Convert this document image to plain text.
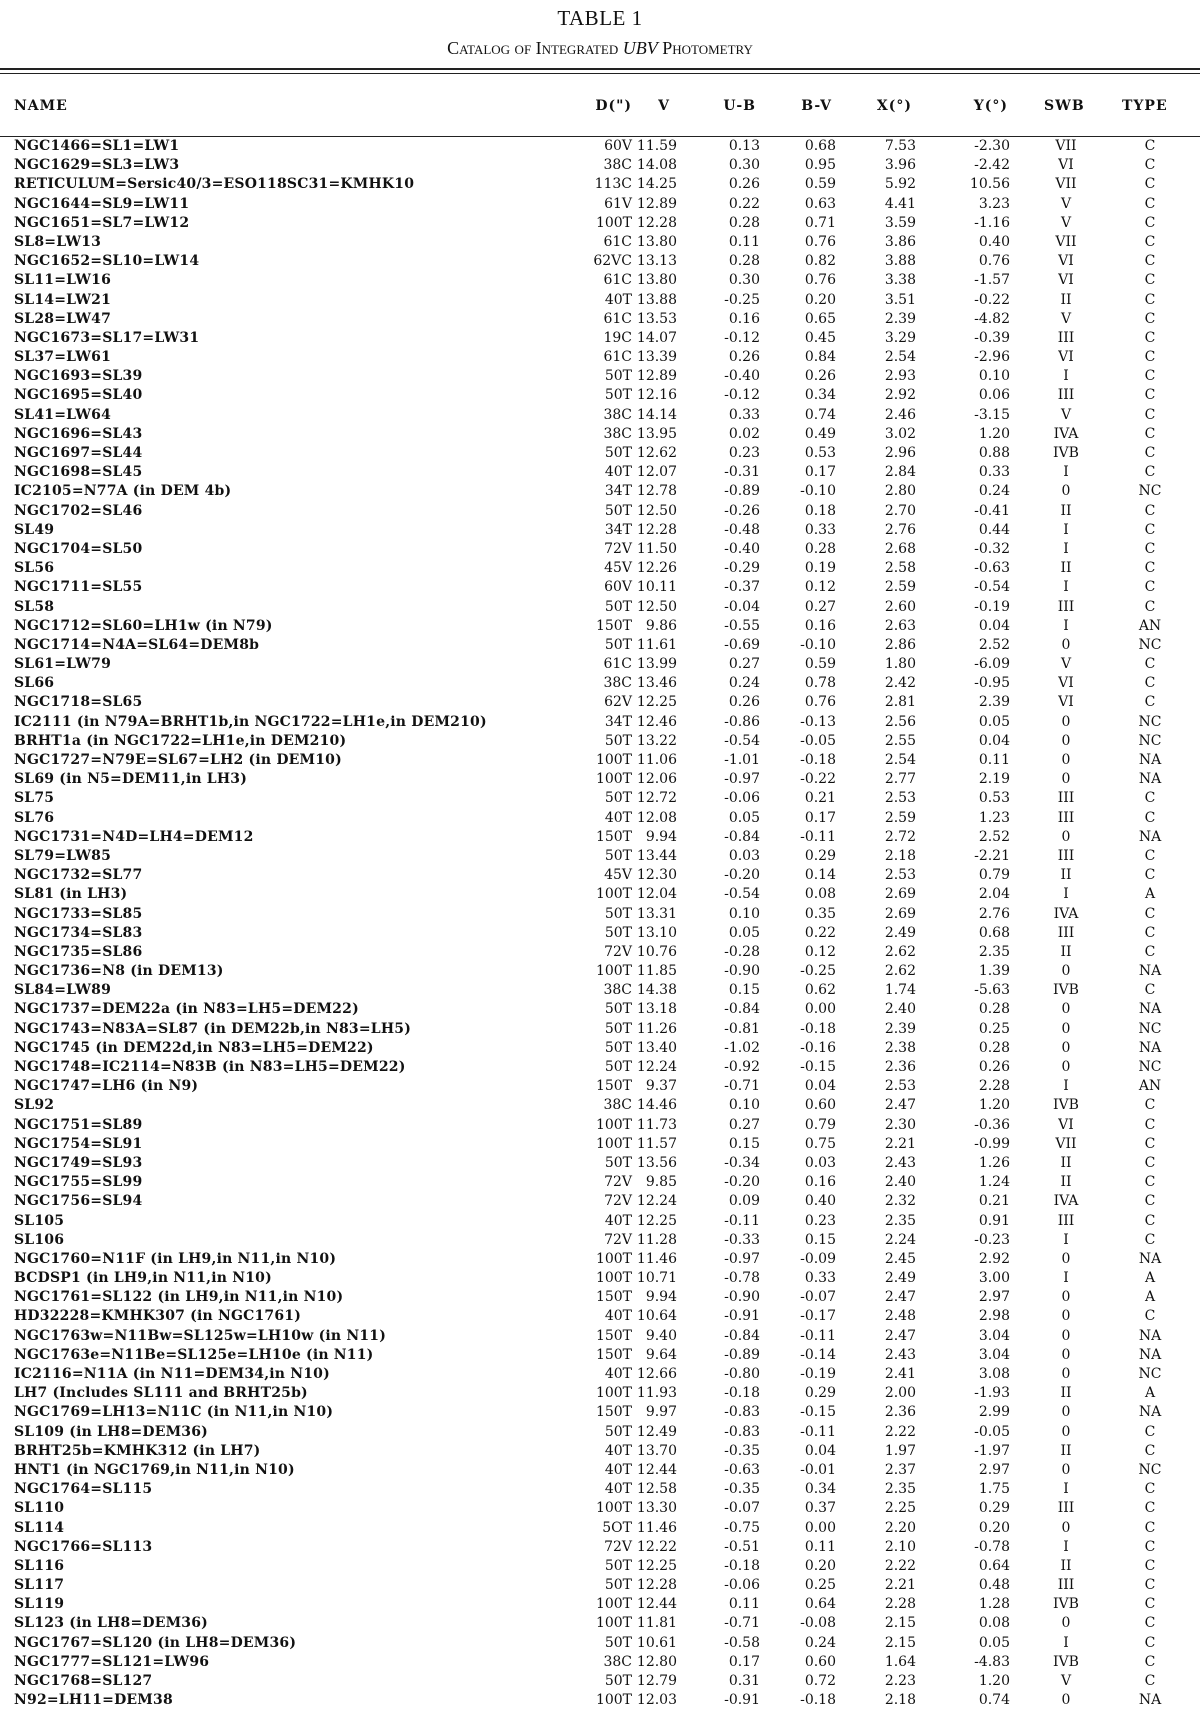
TABLE 1
Catalog of Integrated UBV Photometry
NAME	D(") V	U-B	B-V	X(°)	Y(°)	SWB	TYPE
NGC1466=SL1=LW1	60V 11.59	0.13	0.68	7.53	-2.30	VII	C
NGC1629=SL3=LW3	38C 14.08	0.30	0.95	3.96	-2.42	VI	C
RETICULUM=Sersic40/3=ESO118SC31=KMHK10	113C 14.25	0.26	0.59	5.92	10.56	VII	C
NGC1644=SL9=LW11	61V 12.89	0.22	0.63	4.41	3.23	V	C
NGC1651=SL7=LW12	100T 12.28	0.28	0.71	3.59	-1.16	V	C
SL8=LW13	61C 13.80	0.11	0.76	3.86	0.40	VII	C
NGC1652=SL10=LW14	62VC 13.13	0.28	0.82	3.88	0.76	VI	C
SL11=LW16	61C 13.80	0.30	0.76	3.38	-1.57	VI	C
SL14=LW21	40T 13.88	-0.25	0.20	3.51	-0.22	II	C
SL28=LW47	61C 13.53	0.16	0.65	2.39	-4.82	V	C
NGC1673=SL17=LW31	19C 14.07	-0.12	0.45	3.29	-0.39	III	C
SL37=LW61	61C 13.39	0.26	0.84	2.54	-2.96	VI	C
NGC1693=SL39	50T 12.89	-0.40	0.26	2.93	0.10	I	C
NGC1695=SL40	50T 12.16	-0.12	0.34	2.92	0.06	III	C
SL41=LW64	38C 14.14	0.33	0.74	2.46	-3.15	V	C
NGC1696=SL43	38C 13.95	0.02	0.49	3.02	1.20	IVA	C
NGC1697=SL44	50T 12.62	0.23	0.53	2.96	0.88	IVB	C
NGC1698=SL45	40T 12.07	-0.31	0.17	2.84	0.33	I	C
IC2105=N77A (in DEM 4b)	34T 12.78	-0.89	-0.10	2.80	0.24	0	NC
NGC1702=SL46	50T 12.50	-0.26	0.18	2.70	-0.41	II	C
SL49	34T 12.28	-0.48	0.33	2.76	0.44	I	C
NGC1704=SL50	72V 11.50	-0.40	0.28	2.68	-0.32	I	C
SL56	45V 12.26	-0.29	0.19	2.58	-0.63	II	C
NGC1711=SL55	60V 10.11	-0.37	0.12	2.59	-0.54	I	C
SL58	50T 12.50	-0.04	0.27	2.60	-0.19	III	C
NGC1712=SL60=LH1w (in N79)	150T 9.86	-0.55	0.16	2.63	0.04	I	AN
NGC1714=N4A=SL64=DEM8b	50T 11.61	-0.69	-0.10	2.86	2.52	0	NC
SL61=LW79	61C 13.99	0.27	0.59	1.80	-6.09	V	C
SL66	38C 13.46	0.24	0.78	2.42	-0.95	VI	C
NGC1718=SL65	62V 12.25	0.26	0.76	2.81	2.39	VI	C
IC2111 (in N79A=BRHT1b,in NGC1722=LH1e,in DEM210)	34T 12.46	-0.86	-0.13	2.56	0.05	0	NC
BRHT1a (in NGC1722=LH1e,in DEM210)	50T 13.22	-0.54	-0.05	2.55	0.04	0	NC
NGC1727=N79E=SL67=LH2 (in DEM10)	100T 11.06	-1.01	-0.18	2.54	0.11	0	NA
SL69 (in N5=DEM11,in LH3)	100T 12.06	-0.97	-0.22	2.77	2.19	0	NA
SL75	50T 12.72	-0.06	0.21	2.53	0.53	III	C
SL76	40T 12.08	0.05	0.17	2.59	1.23	III	C
NGC1731=N4D=LH4=DEM12	150T 9.94	-0.84	-0.11	2.72	2.52	0	NA
SL79=LW85	50T 13.44	0.03	0.29	2.18	-2.21	III	C
NGC1732=SL77	45V 12.30	-0.20	0.14	2.53	0.79	II	C
SL81 (in LH3)	100T 12.04	-0.54	0.08	2.69	2.04	I	A
NGC1733=SL85	50T 13.31	0.10	0.35	2.69	2.76	IVA	C
NGC1734=SL83	50T 13.10	0.05	0.22	2.49	0.68	III	C
NGC1735=SL86	72V 10.76	-0.28	0.12	2.62	2.35	II	C
NGC1736=N8 (in DEM13)	100T 11.85	-0.90	-0.25	2.62	1.39	0	NA
SL84=LW89	38C 14.38	0.15	0.62	1.74	-5.63	IVB	C
NGC1737=DEM22a (in N83=LH5=DEM22)	50T 13.18	-0.84	0.00	2.40	0.28	0	NA
NGC1743=N83A=SL87 (in DEM22b,in N83=LH5)	50T 11.26	-0.81	-0.18	2.39	0.25	0	NC
NGC1745 (in DEM22d,in N83=LH5=DEM22)	50T 13.40	-1.02	-0.16	2.38	0.28	0	NA
NGC1748=IC2114=N83B (in N83=LH5=DEM22)	50T 12.24	-0.92	-0.15	2.36	0.26	0	NC
NGC1747=LH6 (in N9)	150T 9.37	-0.71	0.04	2.53	2.28	I	AN
SL92	38C 14.46	0.10	0.60	2.47	1.20	IVB	C
NGC1751=SL89	100T 11.73	0.27	0.79	2.30	-0.36	VI	C
NGC1754=SL91	100T 11.57	0.15	0.75	2.21	-0.99	VII	C
NGC1749=SL93	50T 13.56	-0.34	0.03	2.43	1.26	II	C
NGC1755=SL99	72V 9.85	-0.20	0.16	2.40	1.24	II	C
NGC1756=SL94	72V 12.24	0.09	0.40	2.32	0.21	IVA	C
SL105	40T 12.25	-0.11	0.23	2.35	0.91	III	C
SL106	72V 11.28	-0.33	0.15	2.24	-0.23	I	C
NGC1760=N11F (in LH9,in N11,in N10)	100T 11.46	-0.97	-0.09	2.45	2.92	0	NA
BCDSP1 (in LH9,in N11,in N10)	100T 10.71	-0.78	0.33	2.49	3.00	I	A
NGC1761=SL122 (in LH9,in N11,in N10)	150T 9.94	-0.90	-0.07	2.47	2.97	0	A
HD32228=KMHK307 (in NGC1761)	40T 10.64	-0.91	-0.17	2.48	2.98	0	C
NGC1763w=N11Bw=SL125w=LH10w (in N11)	150T 9.40	-0.84	-0.11	2.47	3.04	0	NA
NGC1763e=N11Be=SL125e=LH10e (in N11)	150T 9.64	-0.89	-0.14	2.43	3.04	0	NA
IC2116=N11A (in N11=DEM34,in N10)	40T 12.66	-0.80	-0.19	2.41	3.08	0	NC
LH7 (Includes SL111 and BRHT25b)	100T 11.93	-0.18	0.29	2.00	-1.93	II	A
NGC1769=LH13=N11C (in N11,in N10)	150T 9.97	-0.83	-0.15	2.36	2.99	0	NA
SL109 (in LH8=DEM36)	50T 12.49	-0.83	-0.11	2.22	-0.05	0	C
BRHT25b=KMHK312 (in LH7)	40T 13.70	-0.35	0.04	1.97	-1.97	II	C
HNT1 (in NGC1769,in N11,in N10)	40T 12.44	-0.63	-0.01	2.37	2.97	0	NC
NGC1764=SL115	40T 12.58	-0.35	0.34	2.35	1.75	I	C
SL110	100T 13.30	-0.07	0.37	2.25	0.29	III	C
SL114	5OT 11.46	-0.75	0.00	2.20	0.20	0	C
NGC1766=SL113	72V 12.22	-0.51	0.11	2.10	-0.78	I	C
SL116	50T 12.25	-0.18	0.20	2.22	0.64	II	C
SL117	50T 12.28	-0.06	0.25	2.21	0.48	III	C
SL119	100T 12.44	0.11	0.64	2.28	1.28	IVB	C
SL123 (in LH8=DEM36)	100T 11.81	-0.71	-0.08	2.15	0.08	0	C
NGC1767=SL120 (in LH8=DEM36)	50T 10.61	-0.58	0.24	2.15	0.05	I	C
NGC1777=SL121=LW96	38C 12.80	0.17	0.60	1.64	-4.83	IVB	C
NGC1768=SL127	50T 12.79	0.31	0.72	2.23	1.20	V	C
N92=LH11=DEM38	100T 12.03	-0.91	-0.18	2.18	0.74	0	NA
